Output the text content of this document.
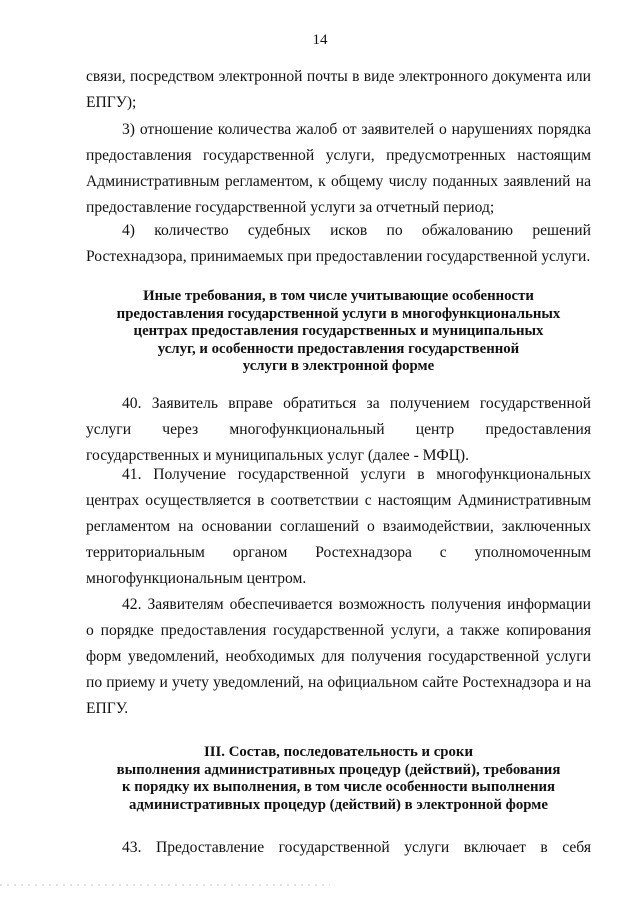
14

связи, посредством электронной почты в виде электронного документа или ЕПГУ);

3) отношение количества жалоб от заявителей о нарушениях порядка предоставления государственной услуги, предусмотренных настоящим Административным регламентом, к общему числу поданных заявлений на предоставление государственной услуги за отчетный период;

4) количество судебных исков по обжалованию решений Ростехнадзора, принимаемых при предоставлении государственной услуги.

Иные требования, в том числе учитывающие особенности
предоставления государственной услуги в многофункциональных
центрах предоставления государственных и муниципальных
услуг, и особенности предоставления государственной
услуги в электронной форме

40. Заявитель вправе обратиться за получением государственной услуги через многофункциональный центр предоставления государственных и муниципальных услуг (далее - МФЦ).

41. Получение государственной услуги в многофункциональных центрах осуществляется в соответствии с настоящим Административным регламентом на основании соглашений о взаимодействии, заключенных территориальным органом Ростехнадзора с уполномоченным многофункциональным центром.

42. Заявителям обеспечивается возможность получения информации о порядке предоставления государственной услуги, а также копирования форм уведомлений, необходимых для получения государственной услуги по приему и учету уведомлений, на официальном сайте Ростехнадзора и на ЕПГУ.

III. Состав, последовательность и сроки
выполнения административных процедур (действий), требования
к порядку их выполнения, в том числе особенности выполнения
административных процедур (действий) в электронной форме

43. Предоставление государственной услуги включает в себя
